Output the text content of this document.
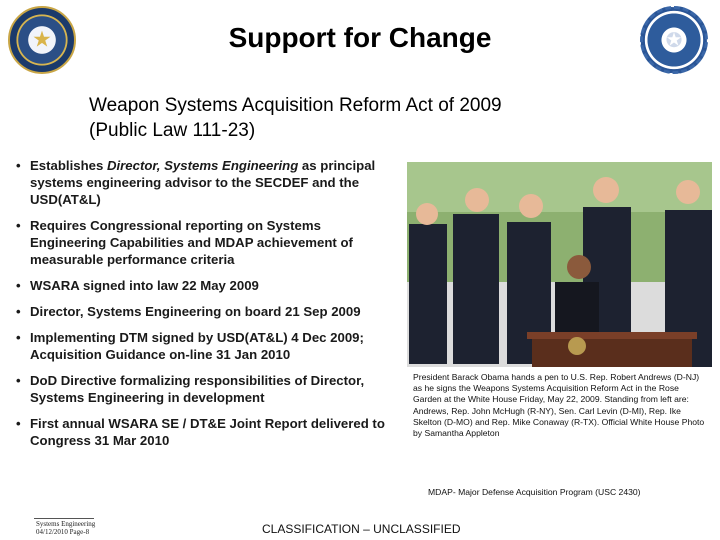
★	Support for Change	✪
Weapon Systems Acquisition Reform Act of 2009
(Public Law 111-23)
• Establishes Director, Systems Engineering as principal systems engineering advisor to the SECDEF and the USD(AT&L)
• Requires Congressional reporting on Systems Engineering Capabilities and MDAP achievement of measurable performance criteria
• WSARA signed into law 22 May 2009
• Director, Systems Engineering on board 21 Sep 2009
• Implementing DTM signed by USD(AT&L) 4 Dec 2009; Acquisition Guidance on-line 31 Jan 2010
• DoD Directive formalizing responsibilities of Director, Systems Engineering in development
• First annual WSARA SE / DT&E Joint Report delivered to Congress 31 Mar 2010
President Barack Obama hands a pen to U.S. Rep. Robert Andrews (D-NJ) as he signs the Weapons Systems Acquisition Reform Act in the Rose Garden at the White House Friday, May 22, 2009. Standing from left are: Andrews, Rep. John McHugh (R-NY), Sen. Carl Levin (D-MI), Rep. Ike Skelton (D-MO) and Rep. Mike Conaway (R-TX). Official White House Photo by Samantha Appleton
MDAP- Major Defense Acquisition Program (USC 2430)
Systems Engineering
04/12/2010 Page-8	CLASSIFICATION – UNCLASSIFIED
